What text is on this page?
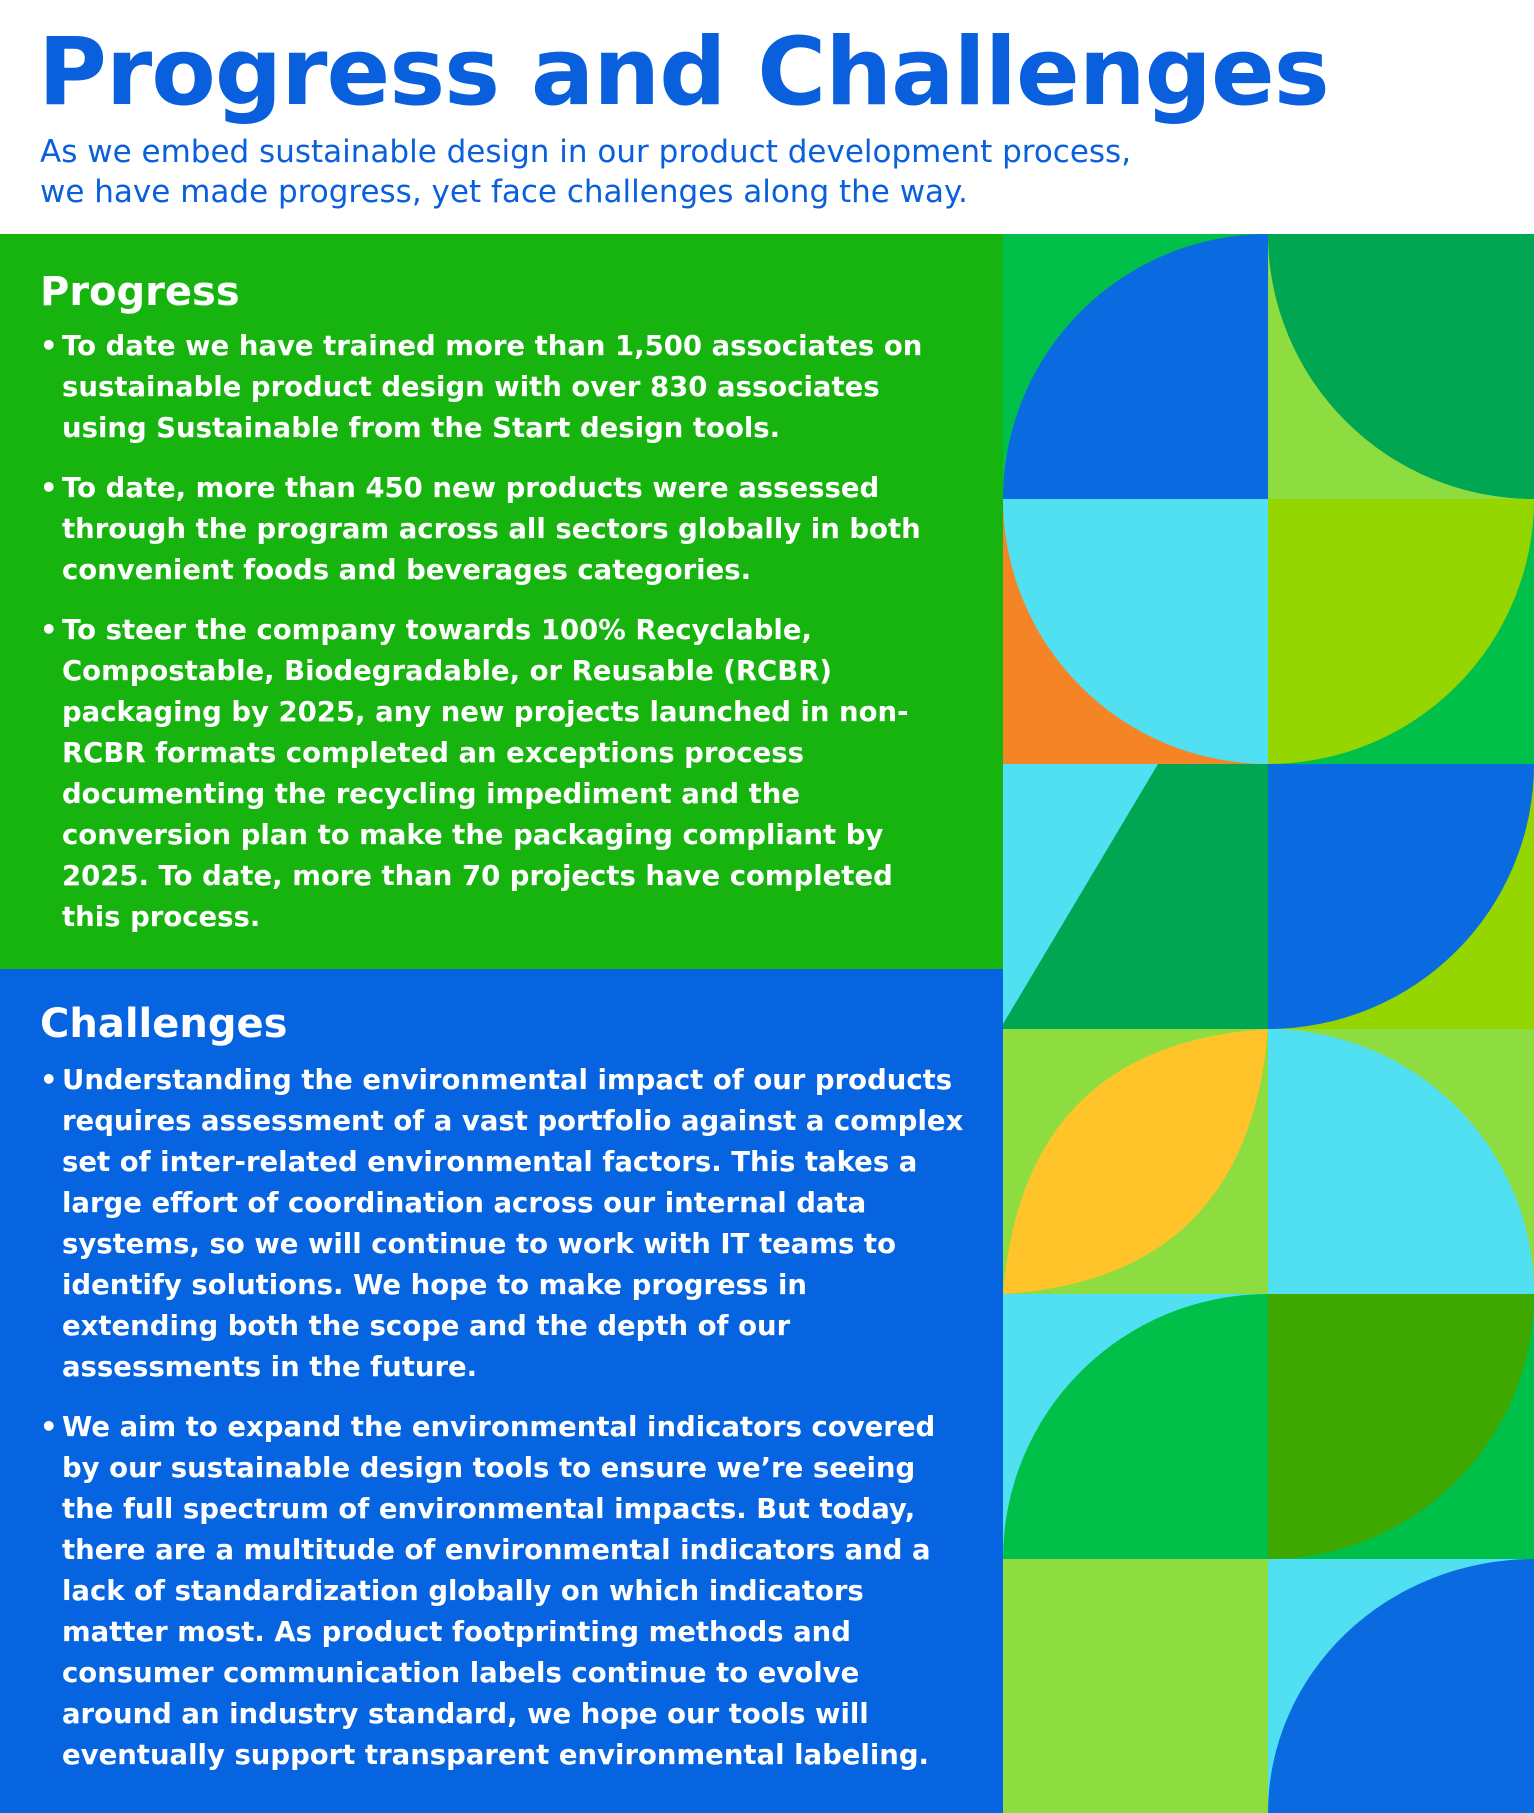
Progress and Challenges

As we embed sustainable design in our product development process,
we have made progress, yet face challenges along the way.

Progress
• To date we have trained more than 1,500 associates on sustainable product design with over 830 associates using Sustainable from the Start design tools.
• To date, more than 450 new products were assessed through the program across all sectors globally in both convenient foods and beverages categories.
• To steer the company towards 100% Recyclable, Compostable, Biodegradable, or Reusable (RCBR) packaging by 2025, any new projects launched in non-RCBR formats completed an exceptions process documenting the recycling impediment and the conversion plan to make the packaging compliant by 2025. To date, more than 70 projects have completed this process.
Challenges
• Understanding the environmental impact of our products requires assessment of a vast portfolio against a complex set of inter-related environmental factors. This takes a large effort of coordination across our internal data systems, so we will continue to work with IT teams to identify solutions. We hope to make progress in extending both the scope and the depth of our assessments in the future.
• We aim to expand the environmental indicators covered by our sustainable design tools to ensure we’re seeing the full spectrum of environmental impacts. But today, there are a multitude of environmental indicators and a lack of standardization globally on which indicators matter most. As product footprinting methods and consumer communication labels continue to evolve around an industry standard, we hope our tools will eventually support transparent environmental labeling.
